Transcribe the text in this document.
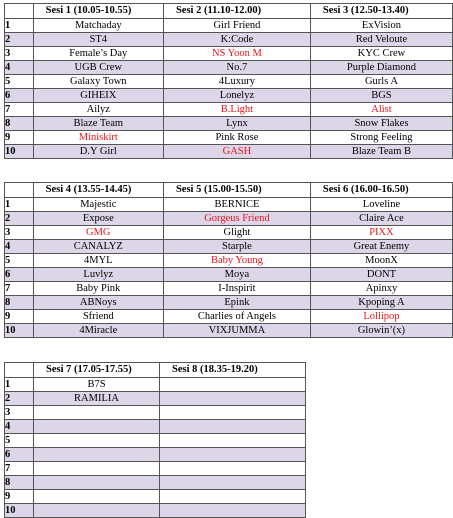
	Sesi 1 (10.05-10.55)	Sesi 2 (11.10-12.00)	Sesi 3 (12.50-13.40)
1	Matchaday	Girl Friend	ExVision
2	ST4	K:Code	Red Veloute
3	Female’s Day	NS Yoon M	KYC Crew
4	UGB Crew	No.7	Purple Diamond
5	Galaxy Town	4Luxury	Gurls A
6	GIHEIX	Lonelyz	BGS
7	Ailyz	B.Light	Alist
8	Blaze Team	Lynx	Snow Flakes
9	Miniskirt	Pink Rose	Strong Feeling
10	D.Y Girl	GASH	Blaze Team B
	Sesi 4 (13.55-14.45)	Sesi 5 (15.00-15.50)	Sesi 6 (16.00-16.50)
1	Majestic	BERNICE	Loveline
2	Expose	Gorgeus Friend	Claire Ace
3	GMG	Glight	PIXX
4	CANALYZ	Starple	Great Enemy
5	4MYL	Baby Young	MoonX
6	Luvlyz	Moya	DONT
7	Baby Pink	I-Inspirit	Apinxy
8	ABNoys	Epink	Kpoping A
9	Sfriend	Charlies of Angels	Lollipop
10	4Miracle	VIXJUMMA	Glowin’(x)
	Sesi 7 (17.05-17.55)	Sesi 8 (18.35-19.20)
1	B7S	
2	RAMILIA	
3		
4		
5		
6		
7		
8		
9		
10		
